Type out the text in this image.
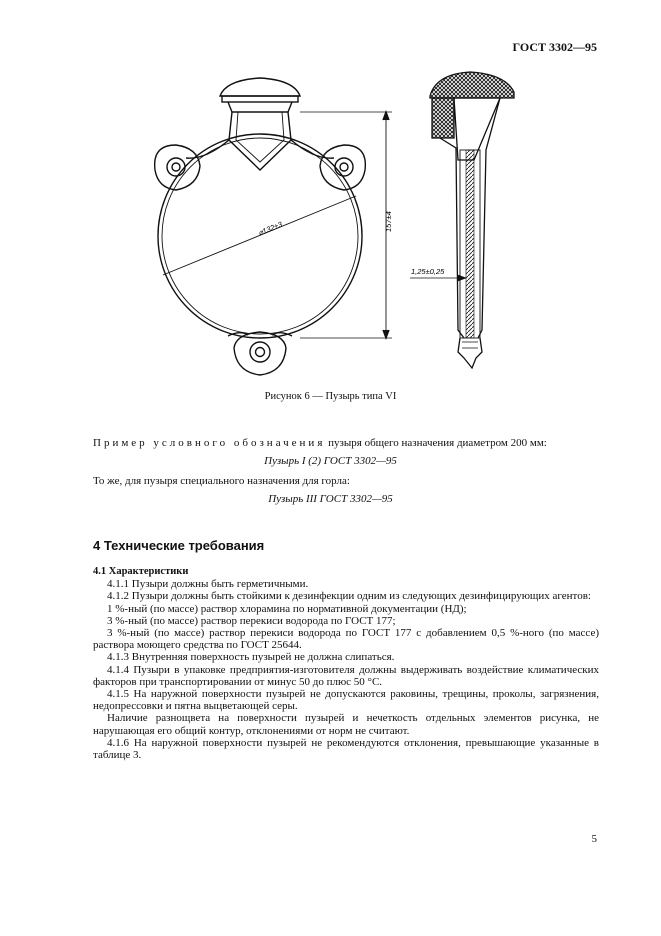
ГОСТ 3302—95
⌀132±3	157±4
1,25±0,25
Рисунок 6 — Пузырь типа VI
Пример условного обозначения пузыря общего назначения диаметром 200 мм:
Пузырь I (2) ГОСТ 3302—95
То же, для пузыря специального назначения для горла:
Пузырь III ГОСТ 3302—95
4 Технические требования

4.1 Характеристики

4.1.1 Пузыри должны быть герметичными.

4.1.2 Пузыри должны быть стойкими к дезинфекции одним из следующих дезинфицирующих агентов:

1 %-ный (по массе) раствор хлорамина по нормативной документации (НД);

3 %-ный (по массе) раствор перекиси водорода по ГОСТ 177;

3 %-ный (по массе) раствор перекиси водорода по ГОСТ 177 с добавлением 0,5 %-ного (по массе) раствора моющего средства по ГОСТ 25644.

4.1.3 Внутренняя поверхность пузырей не должна слипаться.

4.1.4 Пузыри в упаковке предприятия-изготовителя должны выдерживать воздействие климатических факторов при транспортировании от минус 50 до плюс 50 °С.

4.1.5 На наружной поверхности пузырей не допускаются раковины, трещины, проколы, загрязнения, недопрессовки и пятна выцветающей серы.

Наличие разнощвета на поверхности пузырей и нечеткость отдельных элементов рисунка, не нарушающая его общий контур, отклонениями от норм не считают.

4.1.6 На наружной поверхности пузырей не рекомендуются отклонения, превышающие указанные в таблице 3.

5
